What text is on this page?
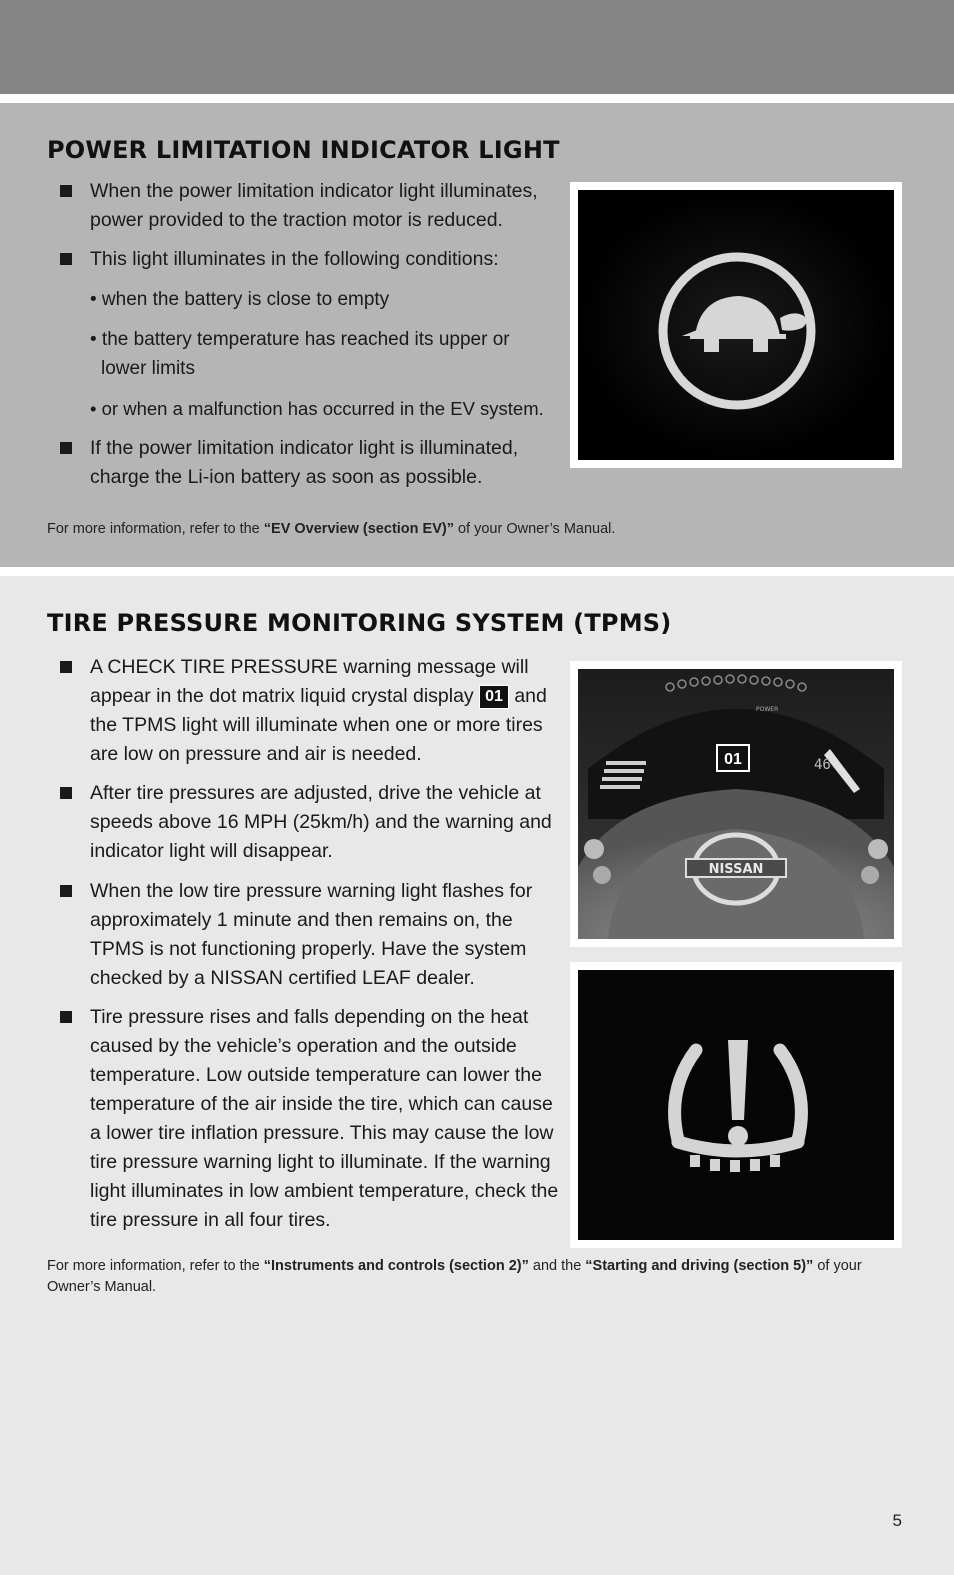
POWER LIMITATION INDICATOR LIGHT
When the power limitation indicator light illuminates, power provided to the traction motor is reduced.
This light illuminates in the following conditions:
• when the battery is close to empty
• the battery temperature has reached its upper or
lower limits
• or when a malfunction has occurred in the EV system.
If the power limitation indicator light is illuminated, charge the Li-ion battery as soon as possible.
For more information, refer to the “EV Overview (section EV)” of your Owner’s Manual.
TIRE PRESSURE MONITORING SYSTEM (TPMS)
A CHECK TIRE PRESSURE warning message will appear in the dot matrix liquid crystal display 01 and the TPMS light will illuminate when one or more tires are low on pressure and air is needed.
After tire pressures are adjusted, drive the vehicle at speeds above 16 MPH (25km/h) and the warning and indicator light will disappear.
When the low tire pressure warning light flashes for approximately 1 minute and then remains on, the TPMS is not functioning properly. Have the system checked by a NISSAN certified LEAF dealer.
Tire pressure rises and falls depending on the heat caused by the vehicle’s operation and the outside temperature. Low outside temperature can lower the temperature of the air inside the tire, which can cause a lower tire inflation pressure. This may cause the low tire pressure warning light to illuminate. If the warning light illuminates in low ambient temperature, check the tire pressure in all four tires.
For more information, refer to the “Instruments and controls (section 2)” and the “Starting and driving (section 5)” of your Owner’s Manual.
POWER
46
01
NISSAN
5
